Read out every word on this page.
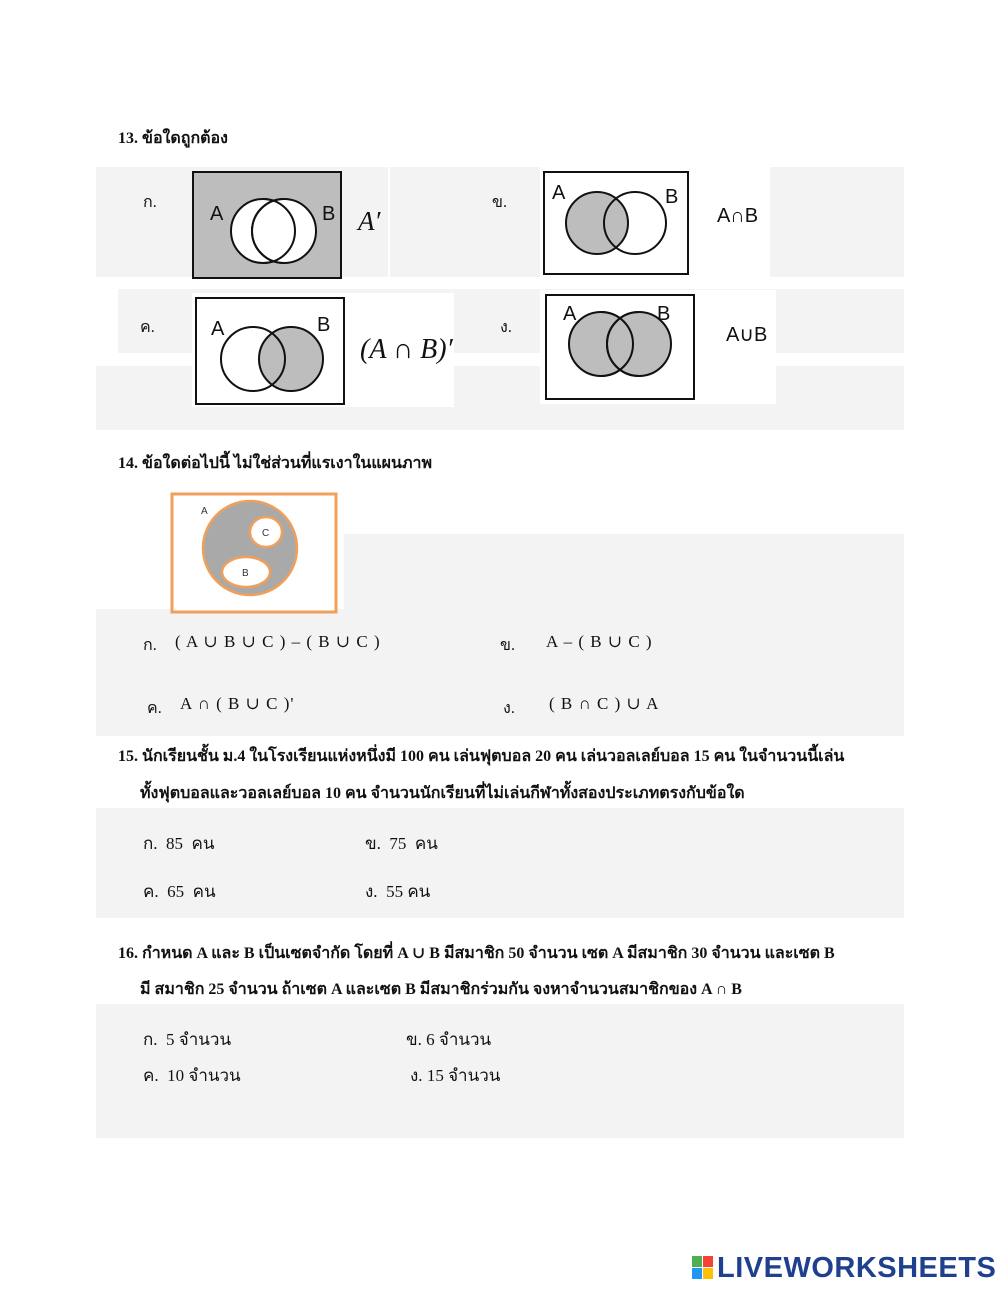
13. ข้อใดถูกต้อง
ก.
A	B A′
ข. A	B
A∩B
ค.	A	B
(A ∩ B)′
ง.
A	B
A∪B
14. ข้อใดต่อไปนี้ ไม่ใช่ส่วนที่แรเงาในแผนภาพ
A
C
B
ก. ( A ∪ B ∪ C ) – ( B ∪ C )	ข. A – ( B ∪ C )
ค. A ∩ ( B ∪ C )'	ง. ( B ∩ C ) ∪ A
15. นักเรียนชั้น ม.4 ในโรงเรียนแห่งหนึ่งมี 100 คน เล่นฟุตบอล 20 คน เล่นวอลเลย์บอล 15 คน ในจำนวนนี้เล่น
ทั้งฟุตบอลและวอลเลย์บอล 10 คน จำนวนนักเรียนที่ไม่เล่นกีฬาทั้งสองประเภทตรงกับข้อใด
ก. 85  คน	ข. 75  คน
ค. 65  คน	ง. 55 คน
16. กำหนด A และ B เป็นเซตจำกัด โดยที่ A ∪ B มีสมาชิก 50 จำนวน เซต A มีสมาชิก 30 จำนวน และเซต B
มี สมาชิก 25 จำนวน ถ้าเซต A และเซต B มีสมาชิกร่วมกัน จงหาจำนวนสมาชิกของ A ∩ B
ก. 5 จำนวน	ข. 6 จำนวน
ค. 10 จำนวน	ง. 15 จำนวน
LIVEWORKSHEETS
